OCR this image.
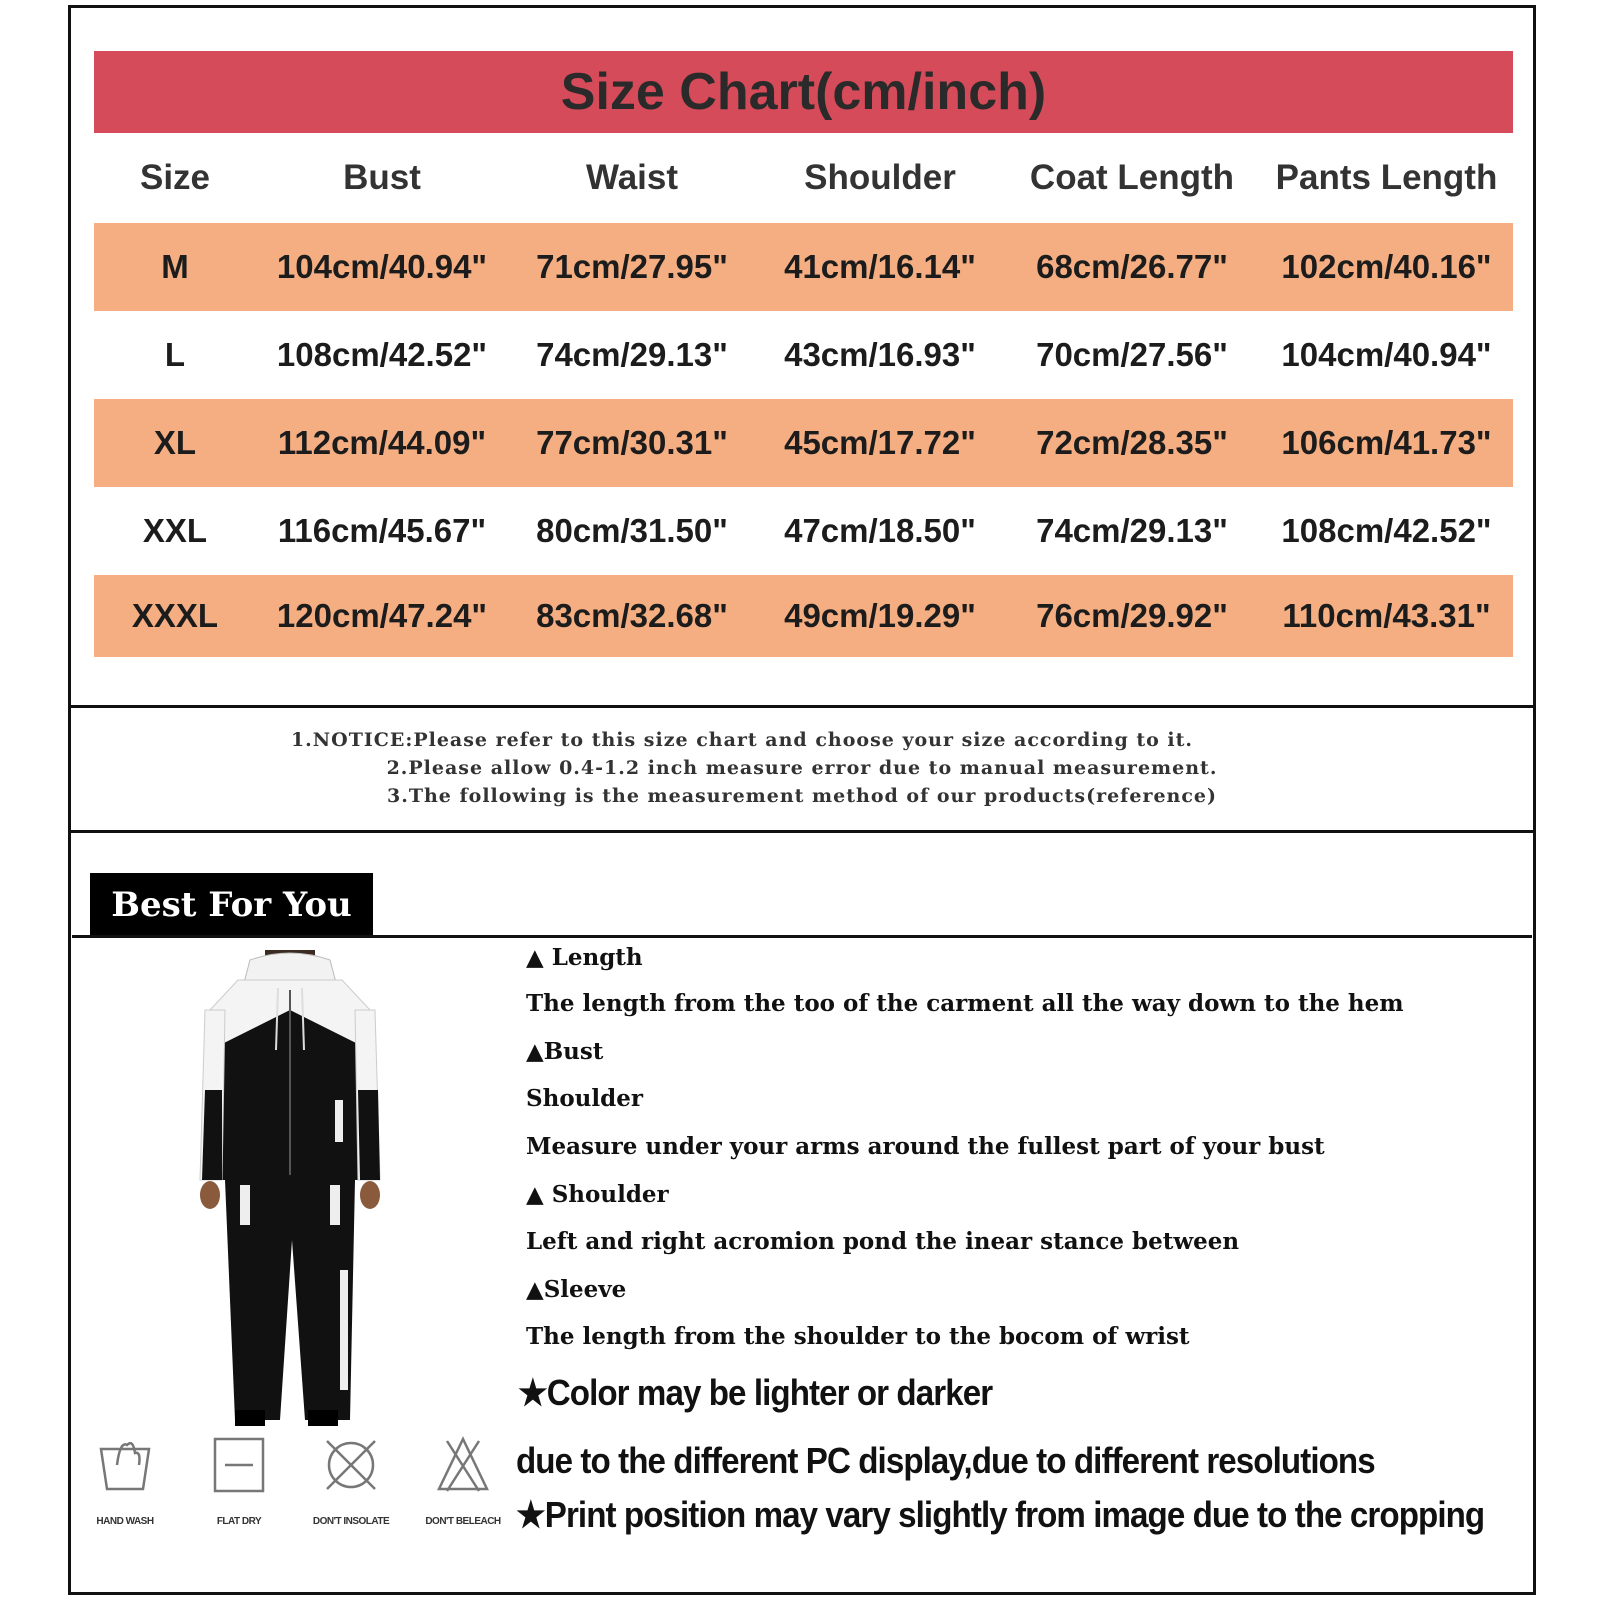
Size Chart(cm/inch)
Size	Bust	Waist	Shoulder	Coat Length	Pants Length
M	104cm/40.94"	71cm/27.95"	41cm/16.14"	68cm/26.77"	102cm/40.16"
L	108cm/42.52"	74cm/29.13"	43cm/16.93"	70cm/27.56"	104cm/40.94"
XL	112cm/44.09"	77cm/30.31"	45cm/17.72"	72cm/28.35"	106cm/41.73"
XXL	116cm/45.67"	80cm/31.50"	47cm/18.50"	74cm/29.13"	108cm/42.52"
XXXL	120cm/47.24"	83cm/32.68"	49cm/19.29"	76cm/29.92"	110cm/43.31"
1.NOTICE:Please refer to this size chart and choose your size according to it.
2.Please allow 0.4-1.2 inch measure error due to manual measurement.
3.The following is the measurement method of our products(reference)
Best For You
HAND WASH	FLAT DRY	DON'T INSOLATE	DON'T BELEACH
▲ Length
The length from the too of the carment all the way down to the hem
▲Bust
Shoulder
Measure under your arms around the fullest part of your bust
▲ Shoulder
Left and right acromion pond the inear stance between
▲Sleeve
The length from the shoulder to the bocom of wrist
★Color may be lighter or darker
due to the different PC display,due to different resolutions
★Print position may vary slightly from image due to the cropping
